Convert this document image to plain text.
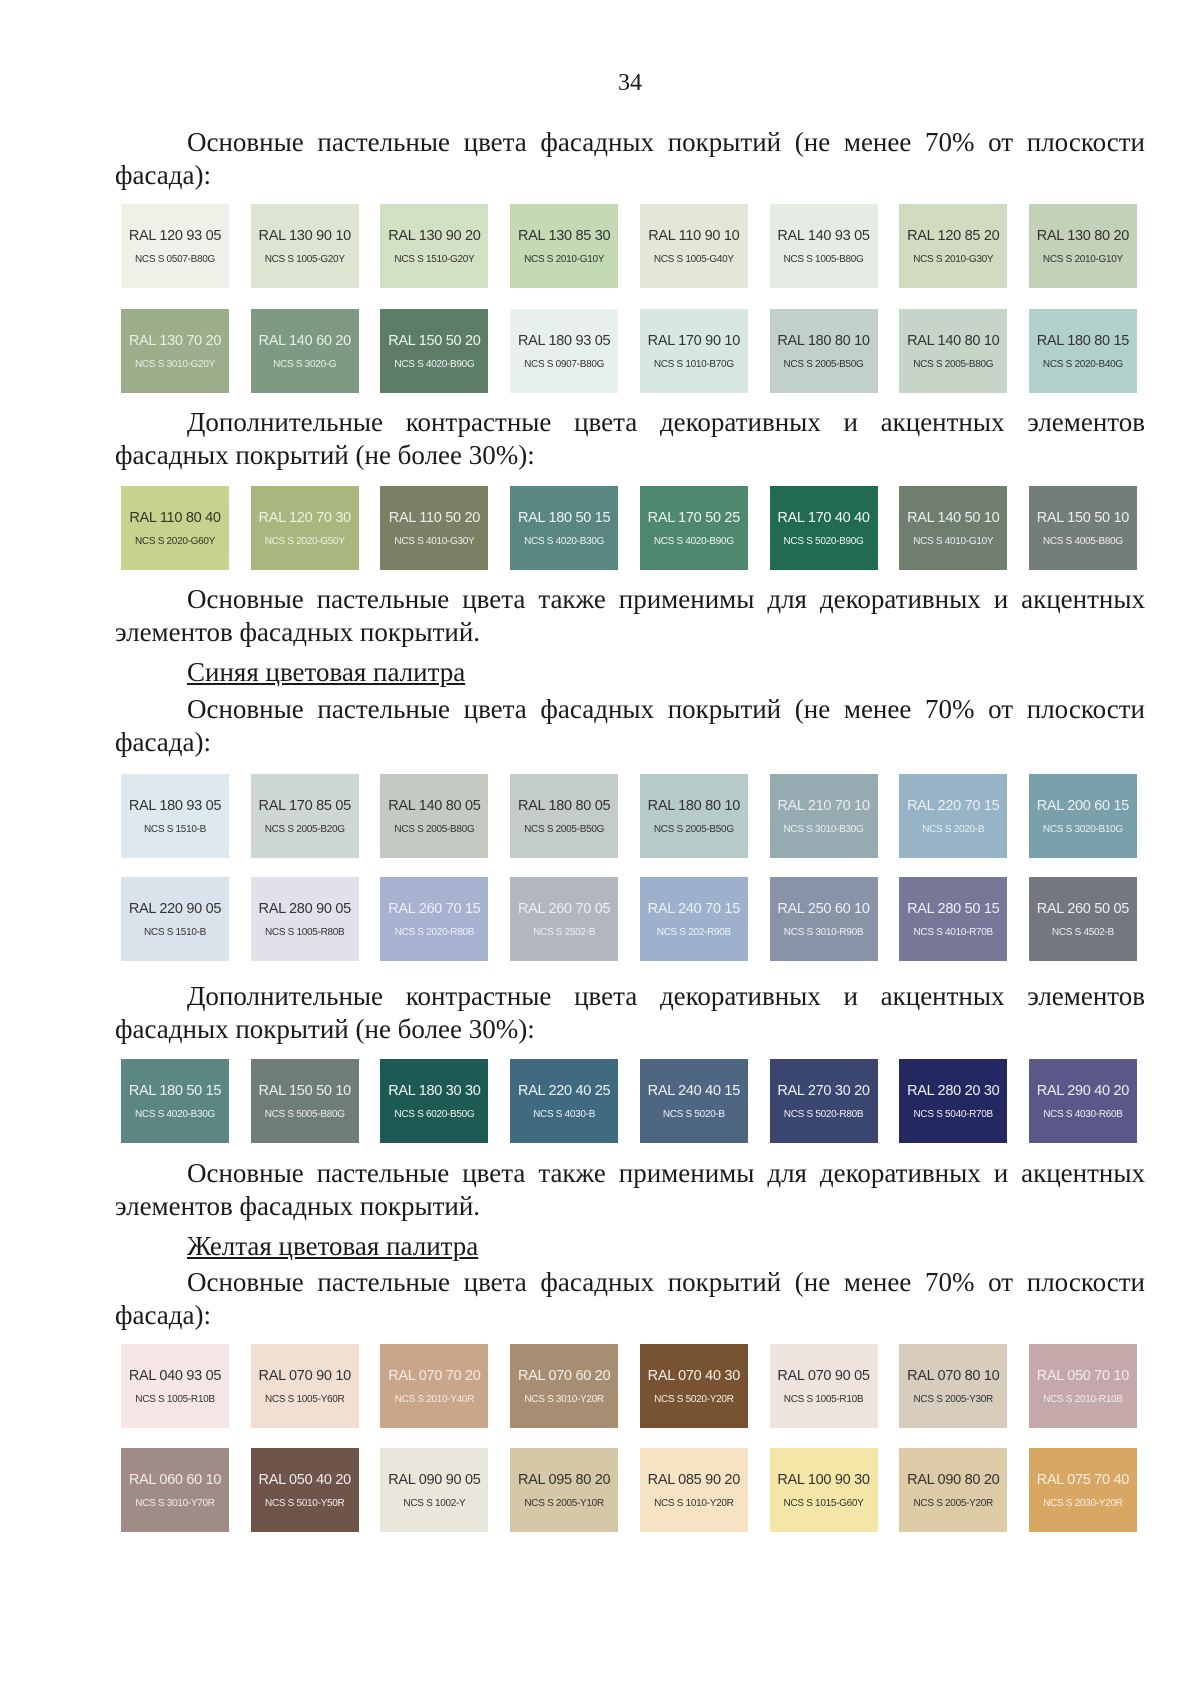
34

Основные пастельные цвета фасадных покрытий (не менее 70% от плоскости фасада):

RAL 120 93 05
NCS S 0507-B80G
RAL 130 90 10
NCS S 1005-G20Y
RAL 130 90 20
NCS S 1510-G20Y
RAL 130 85 30
NCS S 2010-G10Y
RAL 110 90 10
NCS S 1005-G40Y
RAL 140 93 05
NCS S 1005-B80G
RAL 120 85 20
NCS S 2010-G30Y
RAL 130 80 20
NCS S 2010-G10Y
RAL 130 70 20
NCS S 3010-G20Y
RAL 140 60 20
NCS S 3020-G
RAL 150 50 20
NCS S 4020-B90G
RAL 180 93 05
NCS S 0907-B80G
RAL 170 90 10
NCS S 1010-B70G
RAL 180 80 10
NCS S 2005-B50G
RAL 140 80 10
NCS S 2005-B80G
RAL 180 80 15
NCS S 2020-B40G

Дополнительные контрастные цвета декоративных и акцентных элементов фасадных покрытий (не более 30%):

RAL 110 80 40
NCS S 2020-G60Y
RAL 120 70 30
NCS S 2020-G50Y
RAL 110 50 20
NCS S 4010-G30Y
RAL 180 50 15
NCS S 4020-B30G
RAL 170 50 25
NCS S 4020-B90G
RAL 170 40 40
NCS S 5020-B90G
RAL 140 50 10
NCS S 4010-G10Y
RAL 150 50 10
NCS S 4005-B80G

Основные пастельные цвета также применимы для декоративных и акцентных элементов фасадных покрытий.

Синяя цветовая палитра

Основные пастельные цвета фасадных покрытий (не менее 70% от плоскости фасада):

RAL 180 93 05
NCS S 1510-B
RAL 170 85 05
NCS S 2005-B20G
RAL 140 80 05
NCS S 2005-B80G
RAL 180 80 05
NCS S 2005-B50G
RAL 180 80 10
NCS S 2005-B50G
RAL 210 70 10
NCS S 3010-B30G
RAL 220 70 15
NCS S 2020-B
RAL 200 60 15
NCS S 3020-B10G
RAL 220 90 05
NCS S 1510-B
RAL 280 90 05
NCS S 1005-R80B
RAL 260 70 15
NCS S 2020-R80B
RAL 260 70 05
NCS S 2502-B
RAL 240 70 15
NCS S 202-R90B
RAL 250 60 10
NCS S 3010-R90B
RAL 280 50 15
NCS S 4010-R70B
RAL 260 50 05
NCS S 4502-B

Дополнительные контрастные цвета декоративных и акцентных элементов фасадных покрытий (не более 30%):

RAL 180 50 15
NCS S 4020-B30G
RAL 150 50 10
NCS S 5005-B80G
RAL 180 30 30
NCS S 6020-B50G
RAL 220 40 25
NCS S 4030-B
RAL 240 40 15
NCS S 5020-B
RAL 270 30 20
NCS S 5020-R80B
RAL 280 20 30
NCS S 5040-R70B
RAL 290 40 20
NCS S 4030-R60B

Основные пастельные цвета также применимы для декоративных и акцентных элементов фасадных покрытий.

Желтая цветовая палитра

Основные пастельные цвета фасадных покрытий (не менее 70% от плоскости фасада):

RAL 040 93 05
NCS S 1005-R10B
RAL 070 90 10
NCS S 1005-Y60R
RAL 070 70 20
NCS S 2010-Y40R
RAL 070 60 20
NCS S 3010-Y20R
RAL 070 40 30
NCS S 5020-Y20R
RAL 070 90 05
NCS S 1005-R10B
RAL 070 80 10
NCS S 2005-Y30R
RAL 050 70 10
NCS S 2010-R10B
RAL 060 60 10
NCS S 3010-Y70R
RAL 050 40 20
NCS S 5010-Y50R
RAL 090 90 05
NCS S 1002-Y
RAL 095 80 20
NCS S 2005-Y10R
RAL 085 90 20
NCS S 1010-Y20R
RAL 100 90 30
NCS S 1015-G60Y
RAL 090 80 20
NCS S 2005-Y20R
RAL 075 70 40
NCS S 2030-Y20R
